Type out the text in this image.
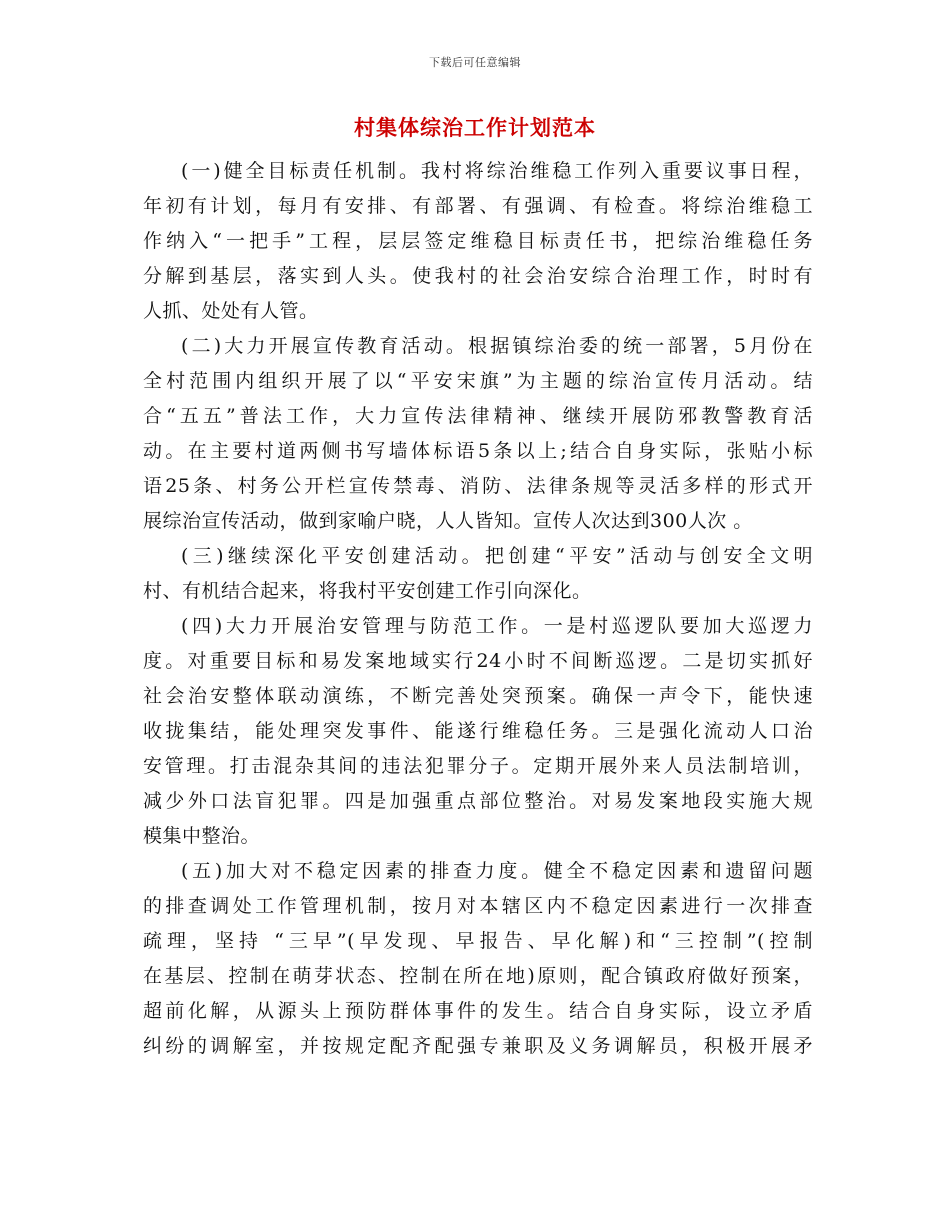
下载后可任意编辑
村集体综治工作计划范本
(一)健全目标责任机制。我村将综治维稳工作列入重要议事日程，
年初有计划，每月有安排、有部署、有强调、有检查。将综治维稳工
作纳入“一把手”工程，层层签定维稳目标责任书，把综治维稳任务
分解到基层，落实到人头。使我村的社会治安综合治理工作，时时有
人抓、处处有人管。
(二)大力开展宣传教育活动。根据镇综治委的统一部署，5月份在
全村范围内组织开展了以“平安宋旗”为主题的综治宣传月活动。结
合“五五”普法工作，大力宣传法律精神、继续开展防邪教警教育活
动。在主要村道两侧书写墙体标语5条以上;结合自身实际，张贴小标
语25条、村务公开栏宣传禁毒、消防、法律条规等灵活多样的形式开
展综治宣传活动，做到家喻户晓，人人皆知。宣传人次达到300人次 。
(三)继续深化平安创建活动。把创建“平安”活动与创安全文明
村、有机结合起来，将我村平安创建工作引向深化。
(四)大力开展治安管理与防范工作。一是村巡逻队要加大巡逻力
度。对重要目标和易发案地域实行24小时不间断巡逻。二是切实抓好
社会治安整体联动演练，不断完善处突预案。确保一声令下，能快速
收拢集结，能处理突发事件、能遂行维稳任务。三是强化流动人口治
安管理。打击混杂其间的违法犯罪分子。定期开展外来人员法制培训，
减少外口法盲犯罪。四是加强重点部位整治。对易发案地段实施大规
模集中整治。
(五)加大对不稳定因素的排查力度。健全不稳定因素和遗留问题
的排查调处工作管理机制，按月对本辖区内不稳定因素进行一次排查
疏理，坚持 “三早”(早发现、早报告、早化解)和“三控制”(控制
在基层、控制在萌芽状态、控制在所在地)原则，配合镇政府做好预案，
超前化解，从源头上预防群体事件的发生。结合自身实际，设立矛盾
纠纷的调解室，并按规定配齐配强专兼职及义务调解员，积极开展矛
